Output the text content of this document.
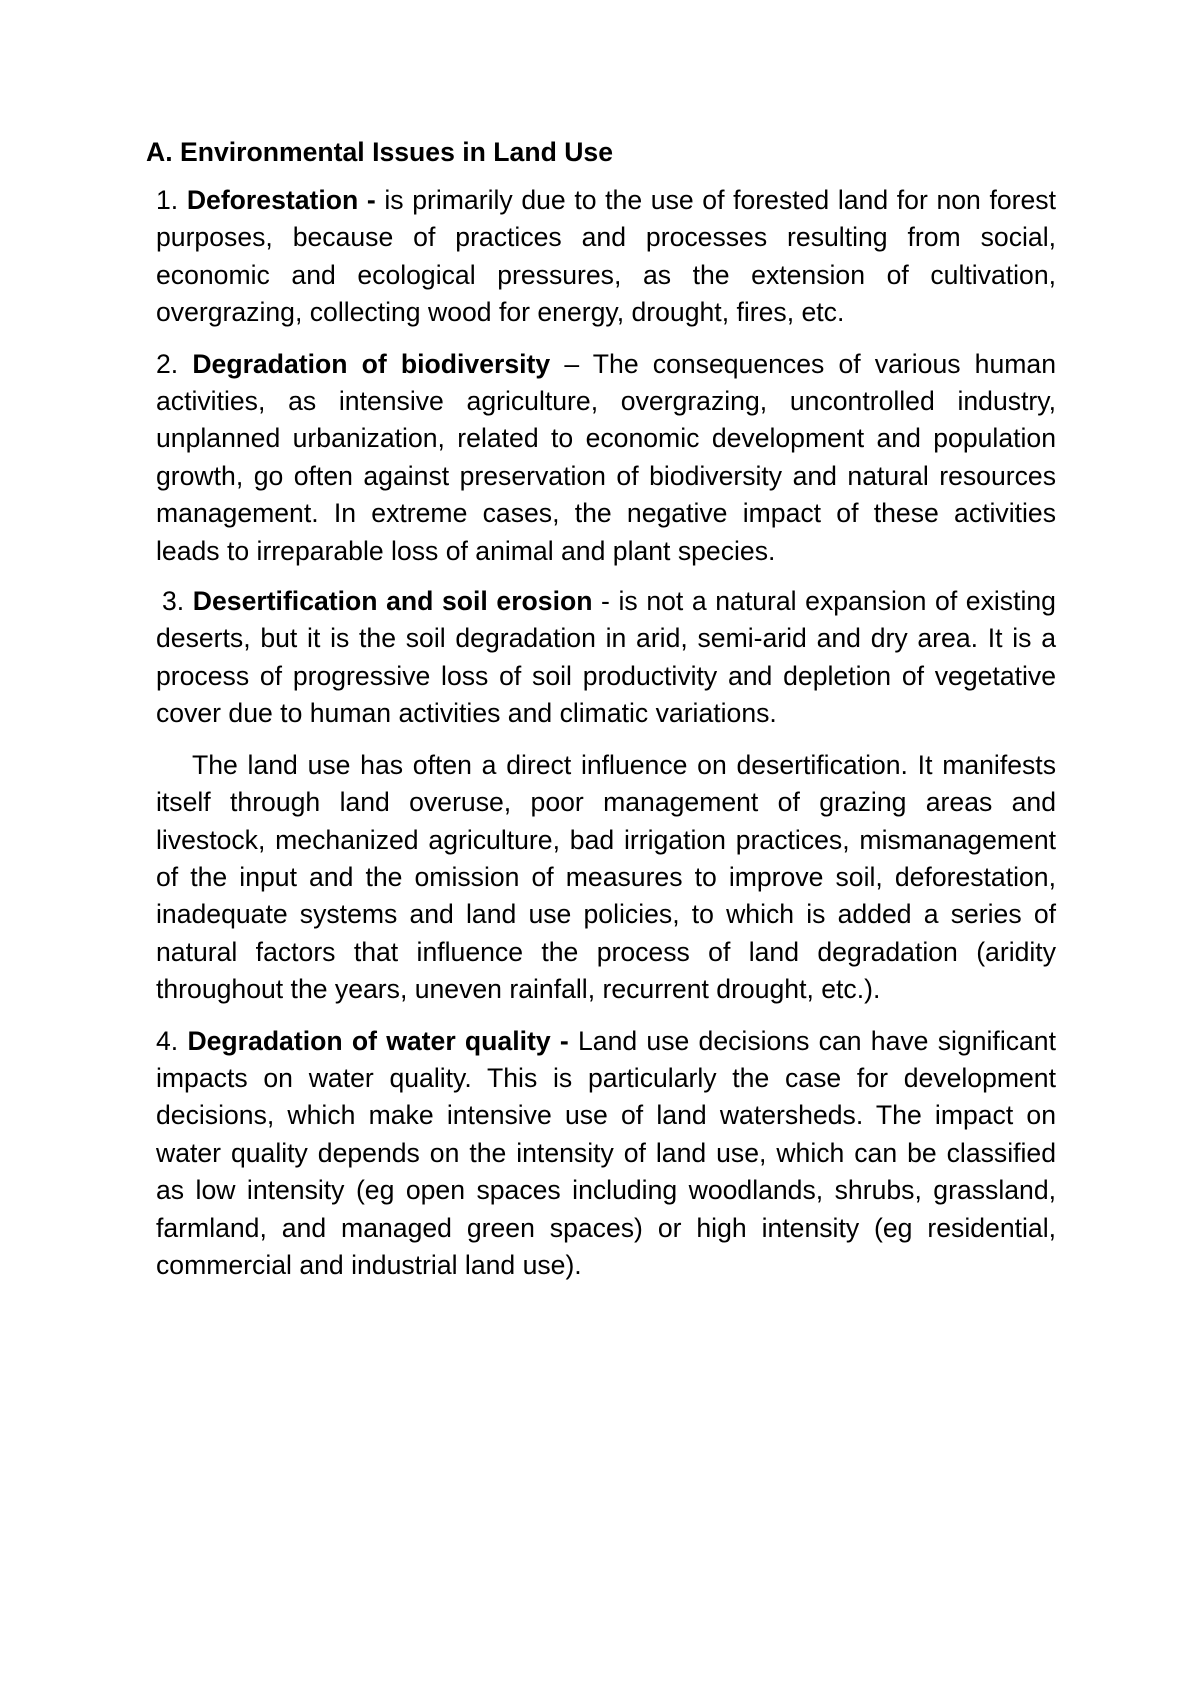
A. Environmental Issues in Land Use

1. Deforestation - is primarily due to the use of forested land for non forest purposes, because of practices and processes resulting from social, economic and ecological pressures, as the extension of cultivation, overgrazing, collecting wood for energy, drought, fires, etc.

2. Degradation of biodiversity – The consequences of various human activities, as intensive agriculture, overgrazing, uncontrolled industry, unplanned urbanization, related to economic development and population growth, go often against preservation of biodiversity and natural resources management. In extreme cases, the negative impact of these activities leads to irreparable loss of animal and plant species.

3. Desertification and soil erosion - is not a natural expansion of existing deserts, but it is the soil degradation in arid, semi-arid and dry area. It is a process of progressive loss of soil productivity and depletion of vegetative cover due to human activities and climatic variations.

The land use has often a direct influence on desertification. It manifests itself through land overuse, poor management of grazing areas and livestock, mechanized agriculture, bad irrigation practices, mismanagement of the input and the omission of measures to improve soil, deforestation, inadequate systems and land use policies, to which is added a series of natural factors that influence the process of land degradation (aridity throughout the years, uneven rainfall, recurrent drought, etc.).

4. Degradation of water quality - Land use decisions can have significant impacts on water quality. This is particularly the case for development decisions, which make intensive use of land watersheds. The impact on water quality depends on the intensity of land use, which can be classified as low intensity (eg open spaces including woodlands, shrubs, grassland, farmland, and managed green spaces) or high intensity (eg residential, commercial and industrial land use).
